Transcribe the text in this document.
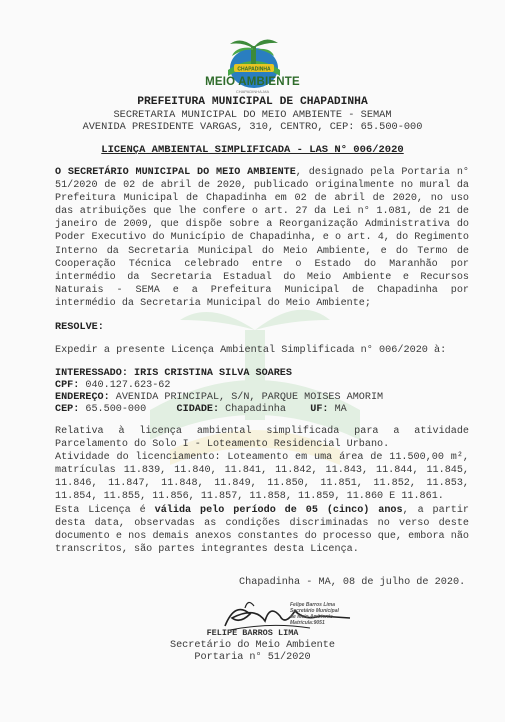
CHAPADINHA
MEIO AMBIENTE
CHAPADINHA-MA
PREFEITURA MUNICIPAL DE CHAPADINHA
SECRETARIA MUNICIPAL DO MEIO AMBIENTE - SEMAM
AVENIDA PRESIDENTE VARGAS, 310, CENTRO, CEP: 65.500-000
LICENÇA AMBIENTAL SIMPLIFICADA - LAS N° 006/2020
O SECRETÁRIO MUNICIPAL DO MEIO AMBIENTE, designado pela Portaria n° 51/2020 de 02 de abril de 2020, publicado originalmente no mural da Prefeitura Municipal de Chapadinha em 02 de abril de 2020, no uso das atribuições que lhe confere o art. 27 da Lei n° 1.081, de 21 de janeiro de 2009, que dispõe sobre a Reorganização Administrativa do Poder Executivo do Município de Chapadinha, e o art. 4, do Regimento Interno da Secretaria Municipal do Meio Ambiente, e do Termo de Cooperação Técnica celebrado entre o Estado do Maranhão por intermédio da Secretaria Estadual do Meio Ambiente e Recursos Naturais - SEMA e a Prefeitura Municipal de Chapadinha por intermédio da Secretaria Municipal do Meio Ambiente;
RESOLVE:
Expedir a presente Licença Ambiental Simplificada n° 006/2020 à:
INTERESSADO: IRIS CRISTINA SILVA SOARES
CPF: 040.127.623-62
ENDEREÇO: AVENIDA PRINCIPAL, S/N, PARQUE MOISES AMORIM
CEP: 65.500-000	CIDADE: Chapadinha UF: MA
Relativa à licença ambiental simplificada para a atividade Parcelamento do Solo I - Loteamento Residencial Urbano.
Atividade do licenciamento: Loteamento em uma área de 11.500,00 m², matrículas 11.839, 11.840, 11.841, 11.842, 11.843, 11.844, 11.845, 11.846, 11.847, 11.848, 11.849, 11.850, 11.851, 11.852, 11.853, 11.854, 11.855, 11.856, 11.857, 11.858, 11.859, 11.860 E 11.861.
Esta Licença é válida pelo período de 05 (cinco) anos, a partir desta data, observadas as condições discriminadas no verso deste documento e nos demais anexos constantes do processo que, embora não transcritos, são partes integrantes desta Licença.
Chapadinha - MA, 08 de julho de 2020.
Felipe Barros Lima
Secretário Municipal
de Meio Ambiente
Matrícula:9051
FELIPE BARROS LIMA
Secretário do Meio Ambiente
Portaria n° 51/2020
